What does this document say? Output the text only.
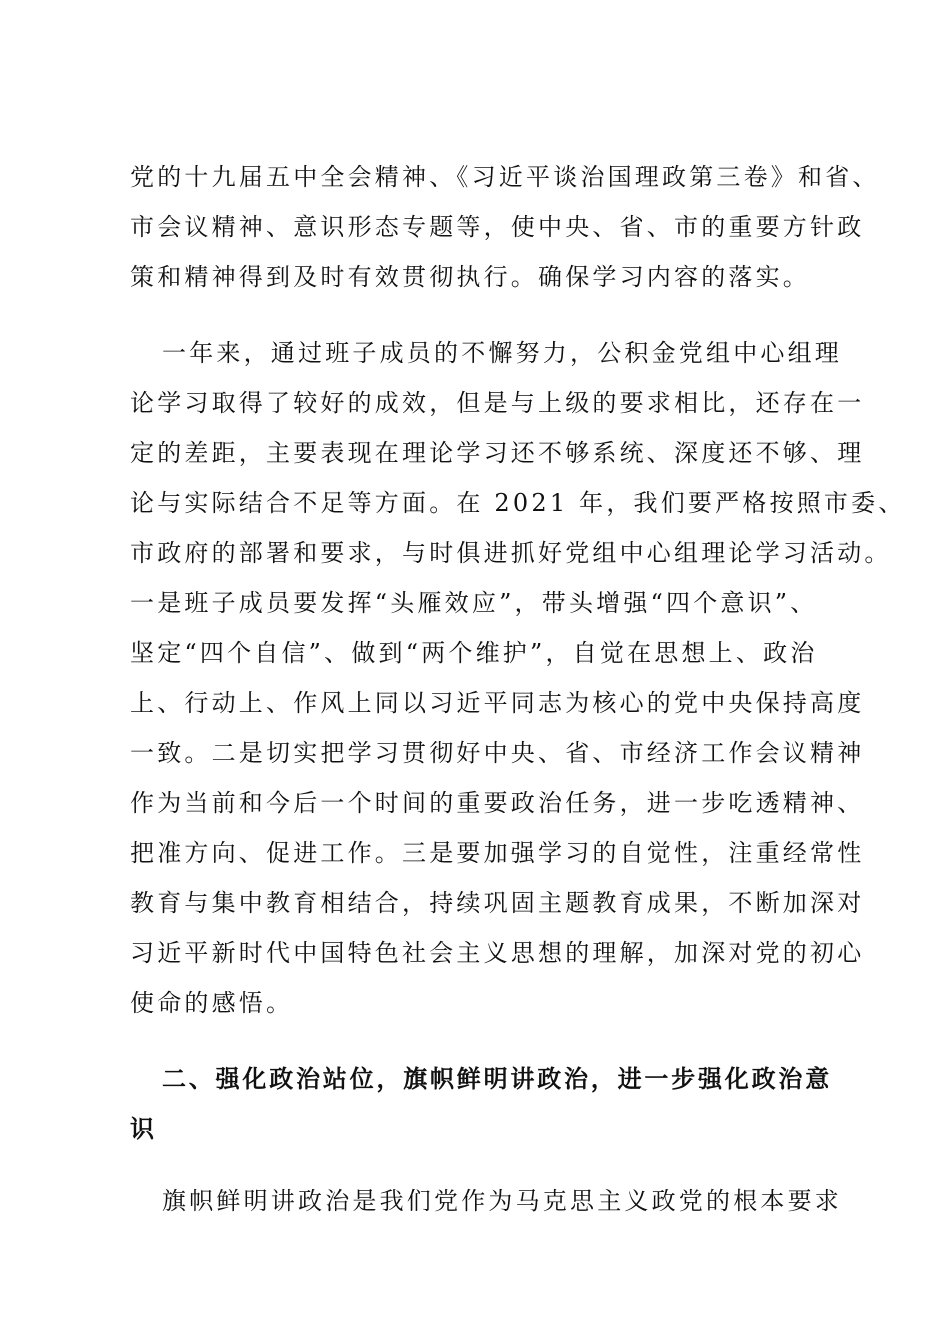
党的十九届五中全会精神、《习近平谈治国理政第三卷》和省、
市会议精神、意识形态专题等，使中央、省、市的重要方针政
策和精神得到及时有效贯彻执行。确保学习内容的落实。
一年来，通过班子成员的不懈努力，公积金党组中心组理
论学习取得了较好的成效，但是与上级的要求相比，还存在一
定的差距，主要表现在理论学习还不够系统、深度还不够、理
论与实际结合不足等方面。在 2021 年，我们要严格按照市委、
市政府的部署和要求，与时俱进抓好党组中心组理论学习活动。
一是班子成员要发挥“头雁效应”，带头增强“四个意识”、
坚定“四个自信”、做到“两个维护”，自觉在思想上、政治
上、行动上、作风上同以习近平同志为核心的党中央保持高度
一致。二是切实把学习贯彻好中央、省、市经济工作会议精神
作为当前和今后一个时间的重要政治任务，进一步吃透精神、
把准方向、促进工作。三是要加强学习的自觉性，注重经常性
教育与集中教育相结合，持续巩固主题教育成果，不断加深对
习近平新时代中国特色社会主义思想的理解，加深对党的初心
使命的感悟。
二、强化政治站位，旗帜鲜明讲政治，进一步强化政治意
识
旗帜鲜明讲政治是我们党作为马克思主义政党的根本要求
